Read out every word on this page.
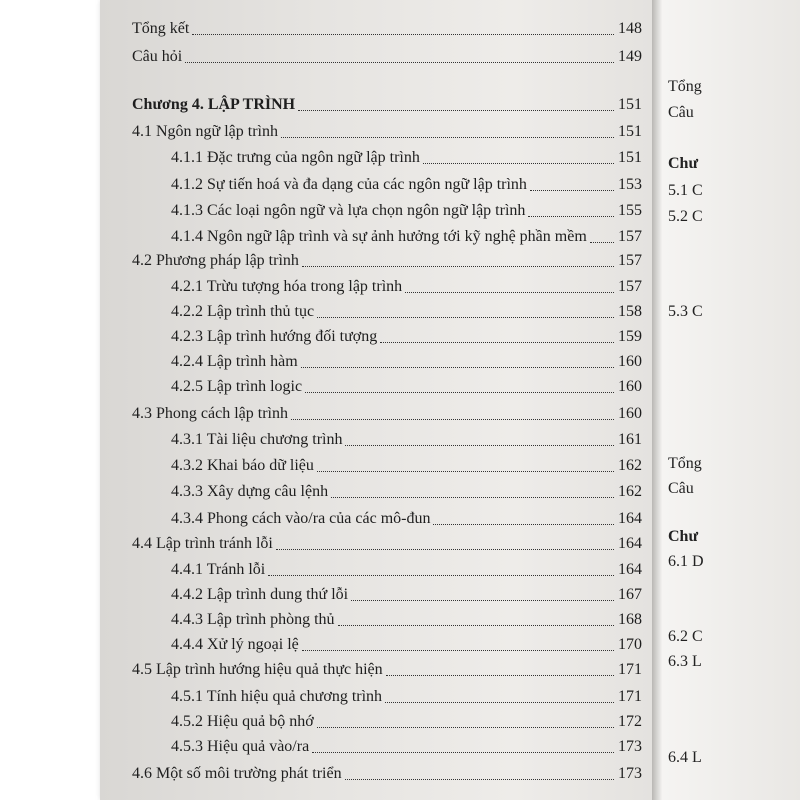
Tổng kết	148
Câu hỏi	149
Chương 4. LẬP TRÌNH	151
4.1 Ngôn ngữ lập trình	151
4.1.1 Đặc trưng của ngôn ngữ lập trình	151
4.1.2 Sự tiến hoá và đa dạng của các ngôn ngữ lập trình	153
4.1.3 Các loại ngôn ngữ và lựa chọn ngôn ngữ lập trình	155
4.1.4 Ngôn ngữ lập trình và sự ảnh hưởng tới kỹ nghệ phần mềm	157
4.2 Phương pháp lập trình	157
4.2.1 Trừu tượng hóa trong lập trình	157
4.2.2 Lập trình thủ tục	158
4.2.3 Lập trình hướng đối tượng	159
4.2.4 Lập trình hàm	160
4.2.5 Lập trình logic	160
4.3 Phong cách lập trình	160
4.3.1 Tài liệu chương trình	161
4.3.2 Khai báo dữ liệu	162
4.3.3 Xây dựng câu lệnh	162
4.3.4 Phong cách vào/ra của các mô-đun	164
4.4 Lập trình tránh lỗi	164
4.4.1 Tránh lỗi	164
4.4.2 Lập trình dung thứ lỗi	167
4.4.3 Lập trình phòng thủ	168
4.4.4 Xử lý ngoại lệ	170
4.5 Lập trình hướng hiệu quả thực hiện	171
4.5.1 Tính hiệu quả chương trình	171
4.5.2 Hiệu quả bộ nhớ	172
4.5.3 Hiệu quả vào/ra	173
4.6 Một số môi trường phát triển	173
Tổng
Câu
Chư
5.1 C
5.2 C
5.3 C
Tổng
Câu
Chư
6.1 D
6.2 C
6.3 L
6.4 L
